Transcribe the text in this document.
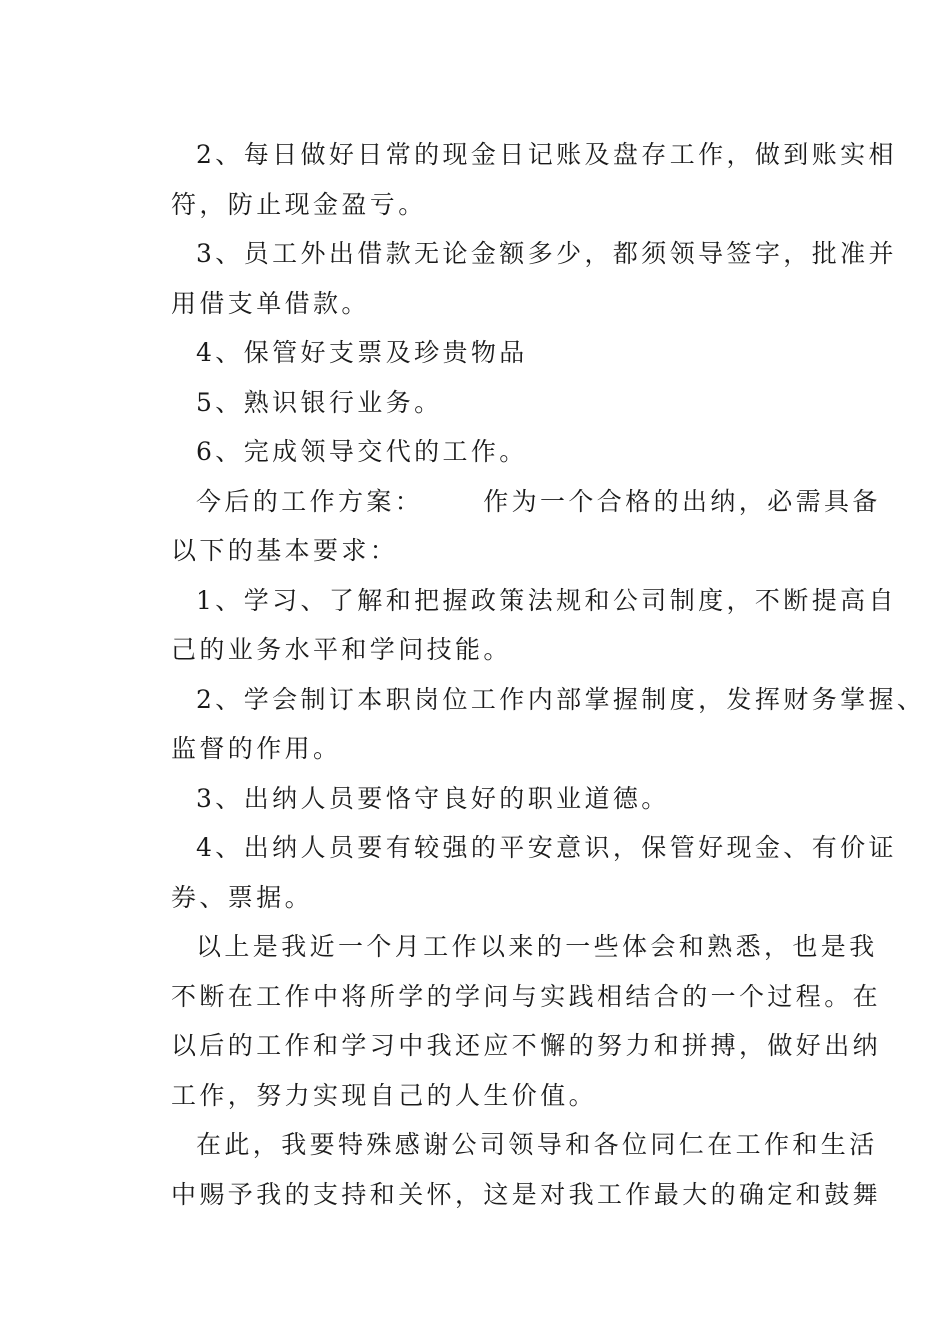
2、每日做好日常的现金日记账及盘存工作，做到账实相
符，防止现金盈亏。

3、员工外出借款无论金额多少，都须领导签字，批准并
用借支单借款。

4、保管好支票及珍贵物品

5、熟识银行业务。

6、完成领导交代的工作。

今后的工作方案： 作为一个合格的出纳，必需具备
以下的基本要求：

1、学习、了解和把握政策法规和公司制度，不断提高自
己的业务水平和学问技能。

2、学会制订本职岗位工作内部掌握制度，发挥财务掌握、
监督的作用。

3、出纳人员要恪守良好的职业道德。

4、出纳人员要有较强的平安意识，保管好现金、有价证
券、票据。

以上是我近一个月工作以来的一些体会和熟悉，也是我
不断在工作中将所学的学问与实践相结合的一个过程。在
以后的工作和学习中我还应不懈的努力和拼搏，做好出纳
工作，努力实现自己的人生价值。

在此，我要特殊感谢公司领导和各位同仁在工作和生活
中赐予我的支持和关怀，这是对我工作最大的确定和鼓舞
